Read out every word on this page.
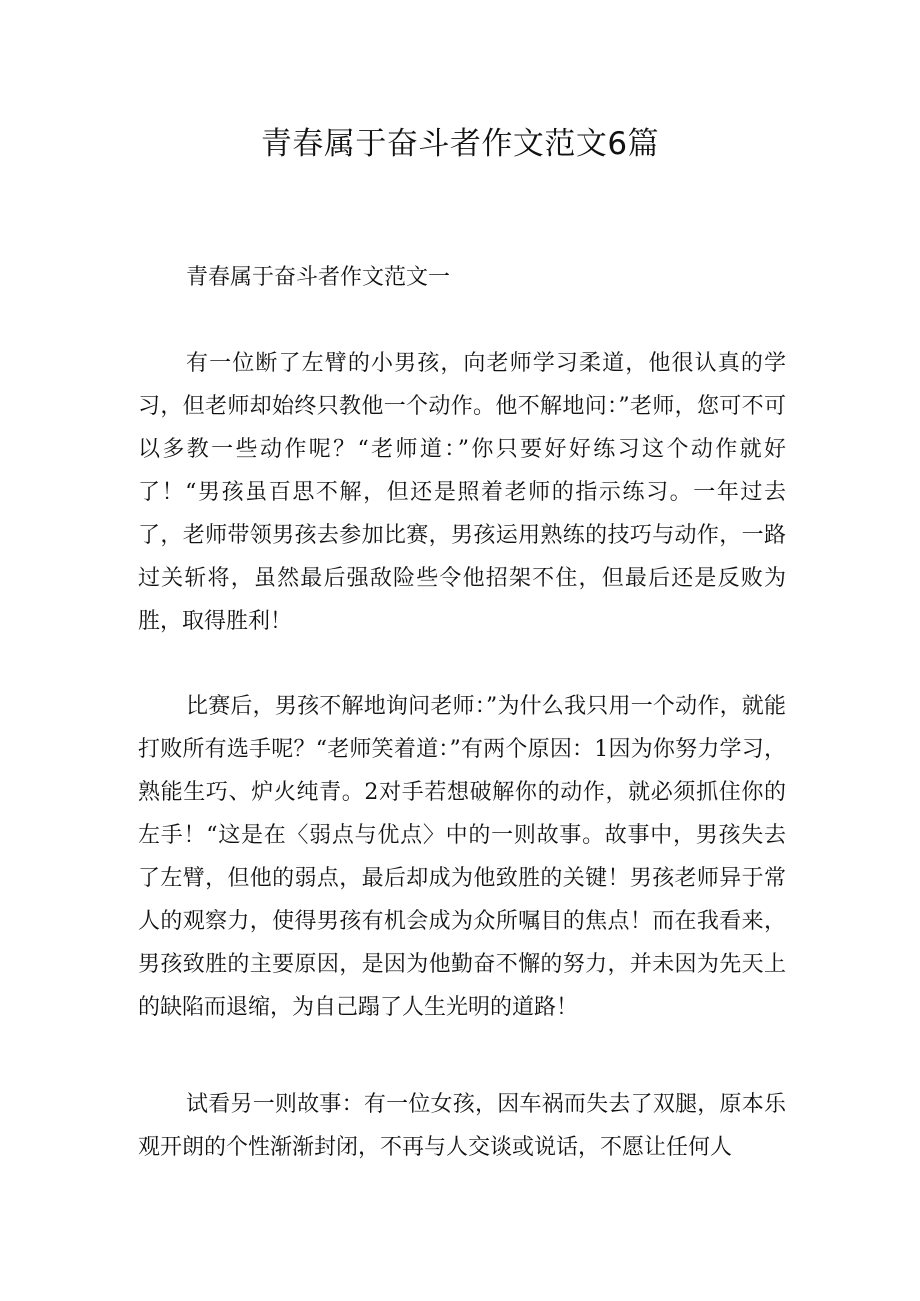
青春属于奋斗者作文范文6篇

青春属于奋斗者作文范文一

有一位断了左臂的小男孩，向老师学习柔道，他很认真的学习，但老师却始终只教他一个动作。他不解地问：”老师，您可不可以多教一些动作呢？“老师道：”你只要好好练习这个动作就好了！“男孩虽百思不解，但还是照着老师的指示练习。一年过去了，老师带领男孩去参加比赛，男孩运用熟练的技巧与动作，一路过关斩将，虽然最后强敌险些令他招架不住，但最后还是反败为胜，取得胜利！

比赛后，男孩不解地询问老师：”为什么我只用一个动作，就能打败所有选手呢？“老师笑着道：”有两个原因：1因为你努力学习，熟能生巧、炉火纯青。2对手若想破解你的动作，就必须抓住你的左手！“这是在〈弱点与优点〉中的一则故事。故事中，男孩失去了左臂，但他的弱点，最后却成为他致胜的关键！男孩老师异于常人的观察力，使得男孩有机会成为众所嘱目的焦点！而在我看来，男孩致胜的主要原因，是因为他勤奋不懈的努力，并未因为先天上的缺陷而退缩，为自己蹋了人生光明的道路！

试看另一则故事：有一位女孩，因车祸而失去了双腿，原本乐观开朗的个性渐渐封闭，不再与人交谈或说话，不愿让任何人
